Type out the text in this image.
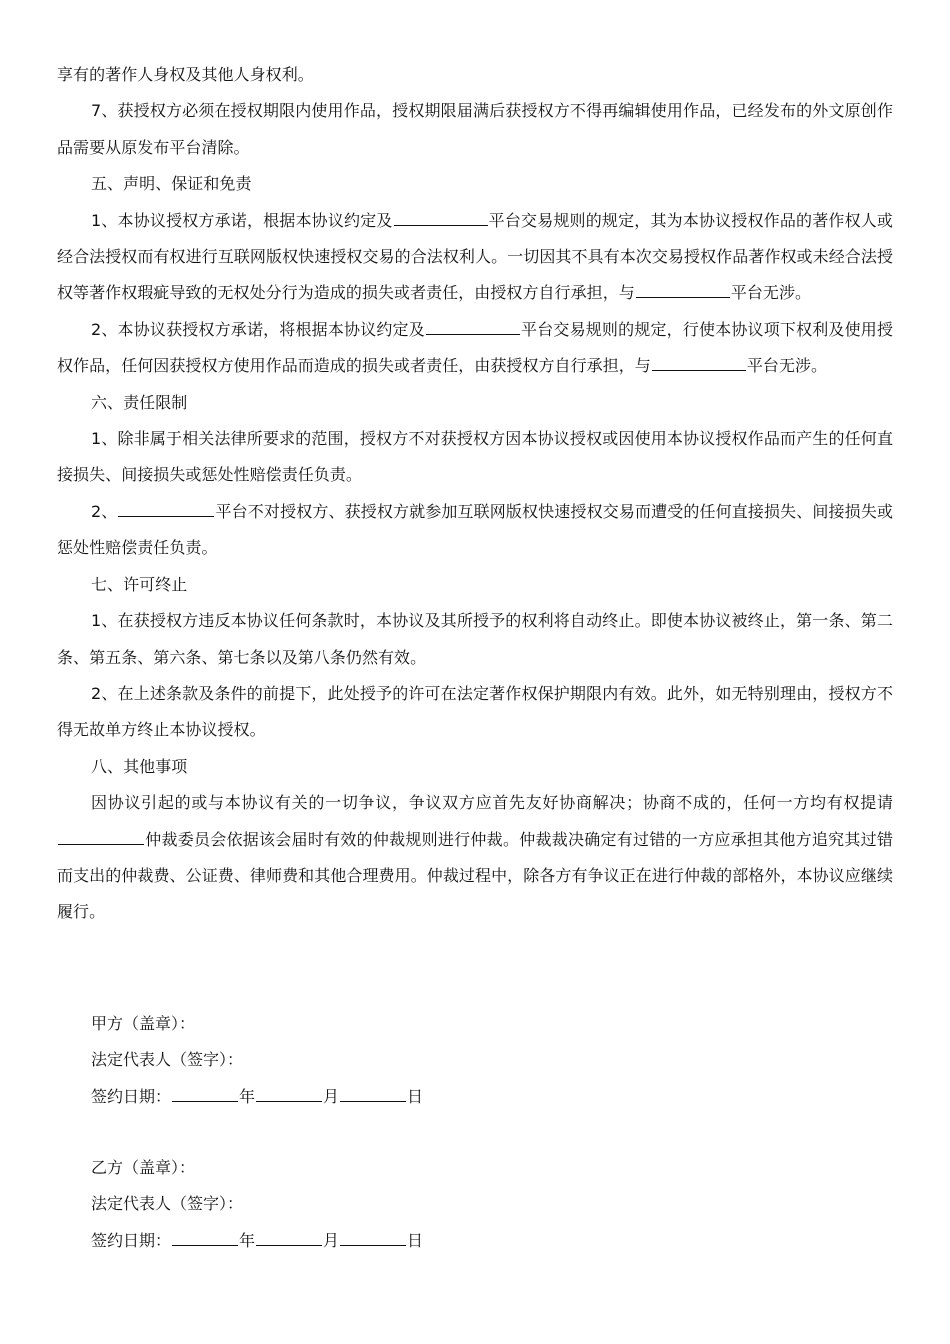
享有的著作人身权及其他人身权利。

7、获授权方必须在授权期限内使用作品，授权期限届满后获授权方不得再编辑使用作品，已经发布的外文原创作品需要从原发布平台清除。

五、声明、保证和免责

1、本协议授权方承诺，根据本协议约定及	平台交易规则的规定，其为本协议授权作品的著作权人或经合法授权而有权进行互联网版权快速授权交易的合法权利人。一切因其不具有本次交易授权作品著作权或未经合法授权等著作权瑕疵导致的无权处分行为造成的损失或者责任，由授权方自行承担，与	平台无涉。

2、本协议获授权方承诺，将根据本协议约定及	平台交易规则的规定，行使本协议项下权利及使用授权作品，任何因获授权方使用作品而造成的损失或者责任，由获授权方自行承担，与	平台无涉。

六、责任限制

1、除非属于相关法律所要求的范围，授权方不对获授权方因本协议授权或因使用本协议授权作品而产生的任何直接损失、间接损失或惩处性赔偿责任负责。

2、	平台不对授权方、获授权方就参加互联网版权快速授权交易而遭受的任何直接损失、间接损失或惩处性赔偿责任负责。

七、许可终止

1、在获授权方违反本协议任何条款时，本协议及其所授予的权利将自动终止。即使本协议被终止，第一条、第二条、第五条、第六条、第七条以及第八条仍然有效。

2、在上述条款及条件的前提下，此处授予的许可在法定著作权保护期限内有效。此外，如无特别理由，授权方不得无故单方终止本协议授权。

八、其他事项

因协议引起的或与本协议有关的一切争议，争议双方应首先友好协商解决；协商不成的，任何一方均有权提请仲裁委员会依据该会届时有效的仲裁规则进行仲裁。仲裁裁决确定有过错的一方应承担其他方追究其过错而支出的仲裁费、公证费、律师费和其他合理费用。仲裁过程中，除各方有争议正在进行仲裁的部格外，本协议应继续履行。

甲方（盖章）：

法定代表人（签字）：

签约日期：	年	月	日

乙方（盖章）：

法定代表人（签字）：

签约日期：	年	月	日
